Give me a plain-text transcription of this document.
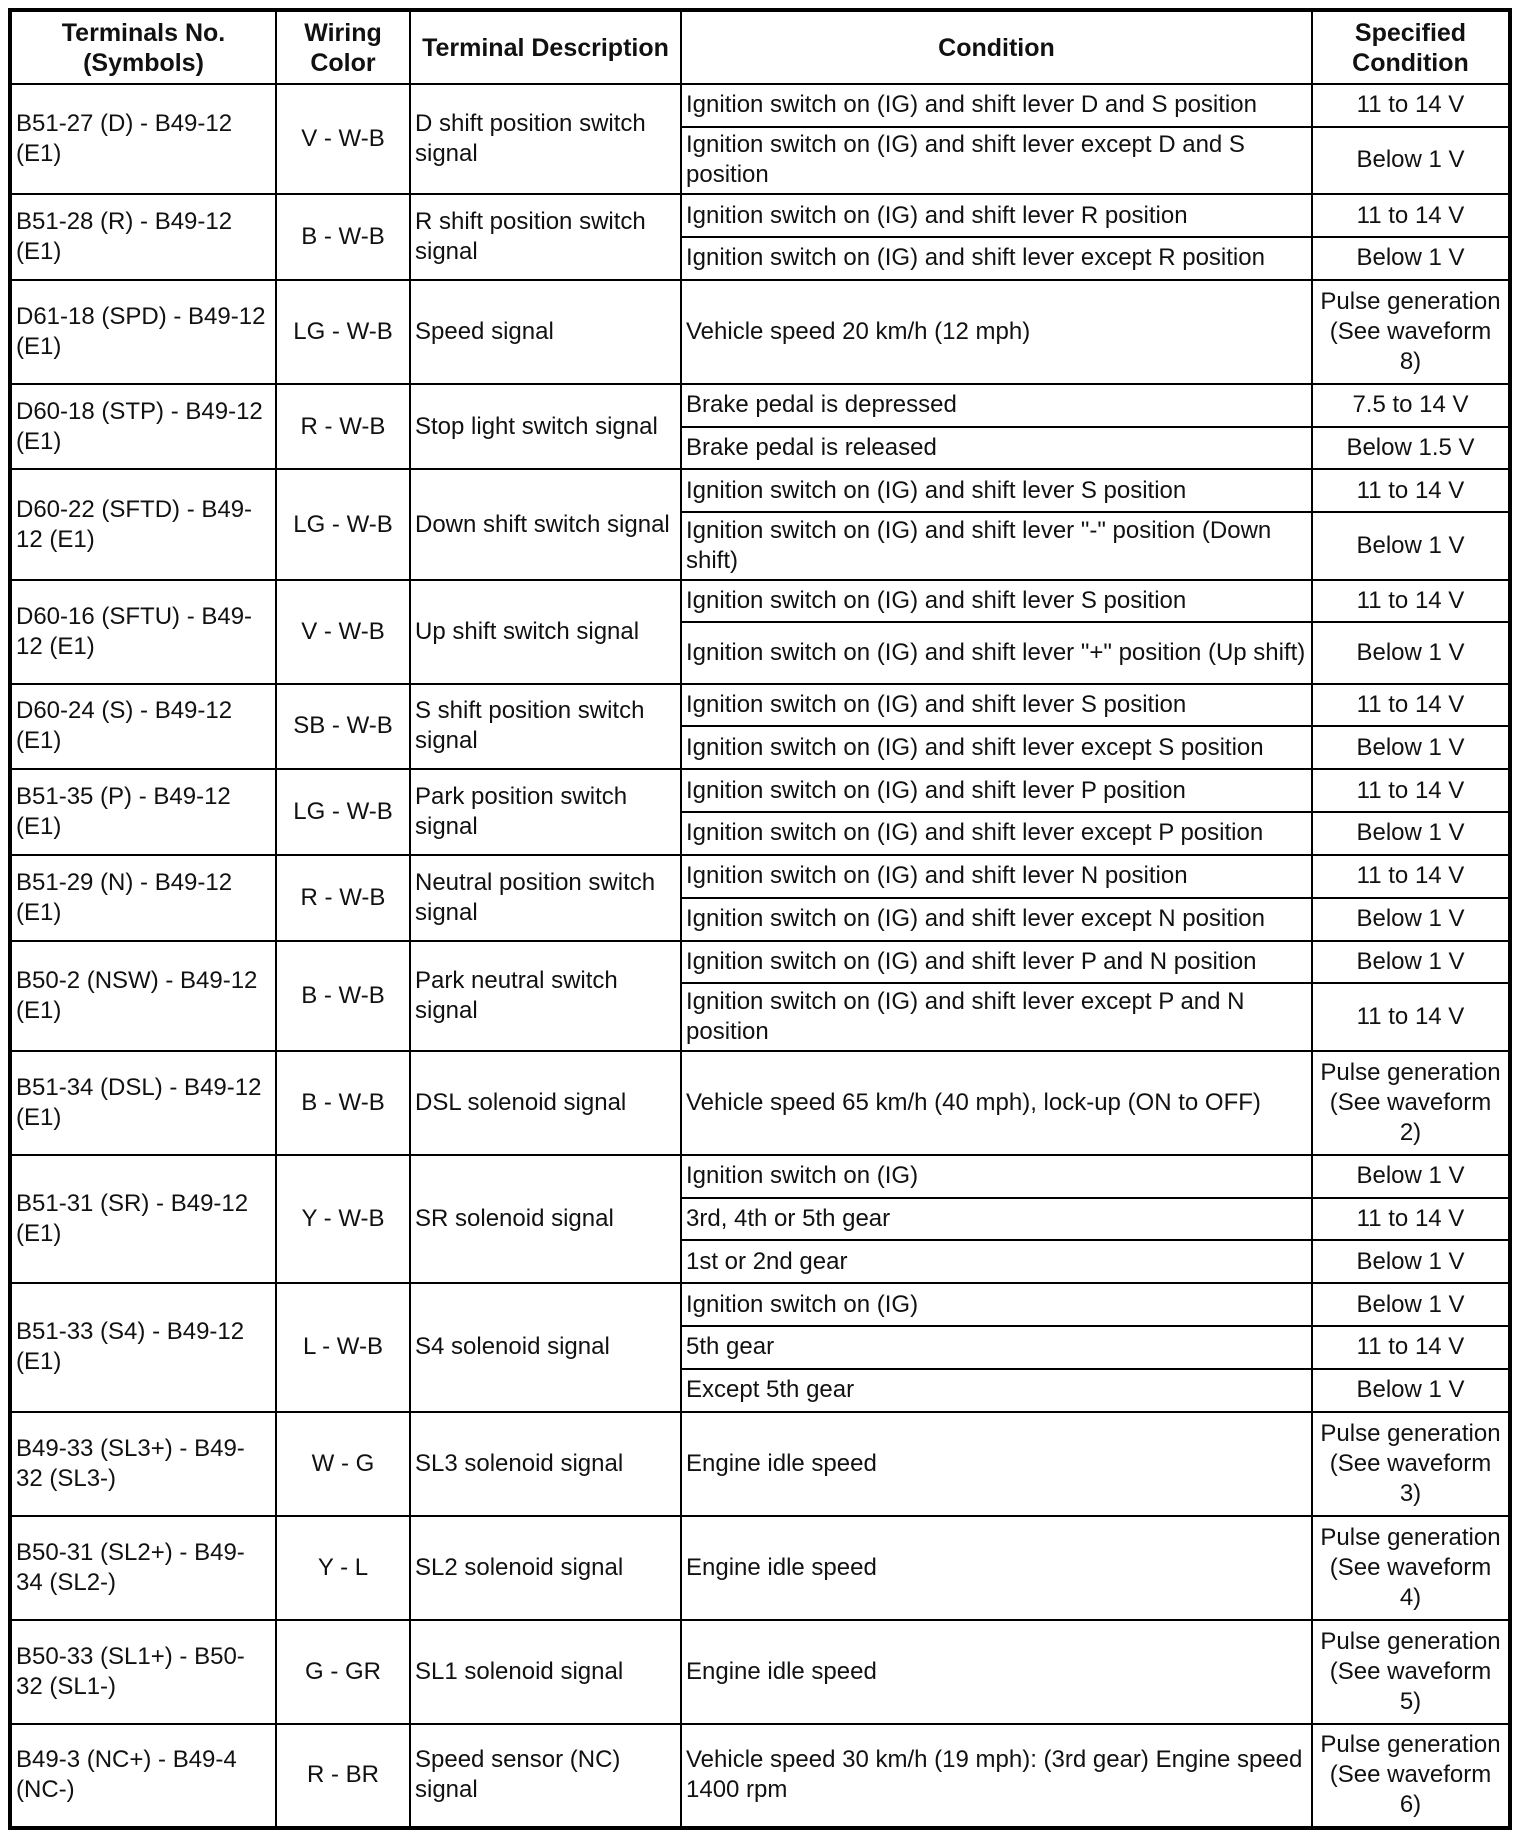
Terminals No. (Symbols)	Wiring Color	Terminal Description	Condition	Specified Condition
B51-27 (D) - B49-12 (E1)	V - W-B	D shift position switch signal	Ignition switch on (IG) and shift lever D and S position	11 to 14 V
			Ignition switch on (IG) and shift lever except D and S position	Below 1 V
B51-28 (R) - B49-12 (E1)	B - W-B	R shift position switch signal	Ignition switch on (IG) and shift lever R position	11 to 14 V
			Ignition switch on (IG) and shift lever except R position	Below 1 V
D61-18 (SPD) - B49-12 (E1)	LG - W-B	Speed signal	Vehicle speed 20 km/h (12 mph)	Pulse generation (See waveform 8)
D60-18 (STP) - B49-12 (E1)	R - W-B	Stop light switch signal	Brake pedal is depressed	7.5 to 14 V
			Brake pedal is released	Below 1.5 V
D60-22 (SFTD) - B49-12 (E1)	LG - W-B	Down shift switch signal	Ignition switch on (IG) and shift lever S position	11 to 14 V
			Ignition switch on (IG) and shift lever "-" position (Down shift)	Below 1 V
D60-16 (SFTU) - B49-12 (E1)	V - W-B	Up shift switch signal	Ignition switch on (IG) and shift lever S position	11 to 14 V
			Ignition switch on (IG) and shift lever "+" position (Up shift)	Below 1 V
D60-24 (S) - B49-12 (E1)	SB - W-B	S shift position switch signal	Ignition switch on (IG) and shift lever S position	11 to 14 V
			Ignition switch on (IG) and shift lever except S position	Below 1 V
B51-35 (P) - B49-12 (E1)	LG - W-B	Park position switch signal	Ignition switch on (IG) and shift lever P position	11 to 14 V
			Ignition switch on (IG) and shift lever except P position	Below 1 V
B51-29 (N) - B49-12 (E1)	R - W-B	Neutral position switch signal	Ignition switch on (IG) and shift lever N position	11 to 14 V
			Ignition switch on (IG) and shift lever except N position	Below 1 V
B50-2 (NSW) - B49-12 (E1)	B - W-B	Park neutral switch signal	Ignition switch on (IG) and shift lever P and N position	Below 1 V
			Ignition switch on (IG) and shift lever except P and N position	11 to 14 V
B51-34 (DSL) - B49-12 (E1)	B - W-B	DSL solenoid signal	Vehicle speed 65 km/h (40 mph), lock-up (ON to OFF)	Pulse generation (See waveform 2)
B51-31 (SR) - B49-12 (E1)	Y - W-B	SR solenoid signal	Ignition switch on (IG)	Below 1 V
			3rd, 4th or 5th gear	11 to 14 V
			1st or 2nd gear	Below 1 V
B51-33 (S4) - B49-12 (E1)	L - W-B	S4 solenoid signal	Ignition switch on (IG)	Below 1 V
			5th gear	11 to 14 V
			Except 5th gear	Below 1 V
B49-33 (SL3+) - B49-32 (SL3-)	W - G	SL3 solenoid signal	Engine idle speed	Pulse generation (See waveform 3)
B50-31 (SL2+) - B49-34 (SL2-)	Y - L	SL2 solenoid signal	Engine idle speed	Pulse generation (See waveform 4)
B50-33 (SL1+) - B50-32 (SL1-)	G - GR	SL1 solenoid signal	Engine idle speed	Pulse generation (See waveform 5)
B49-3 (NC+) - B49-4 (NC-)	R - BR	Speed sensor (NC) signal	Vehicle speed 30 km/h (19 mph): (3rd gear) Engine speed 1400 rpm	Pulse generation (See waveform 6)
